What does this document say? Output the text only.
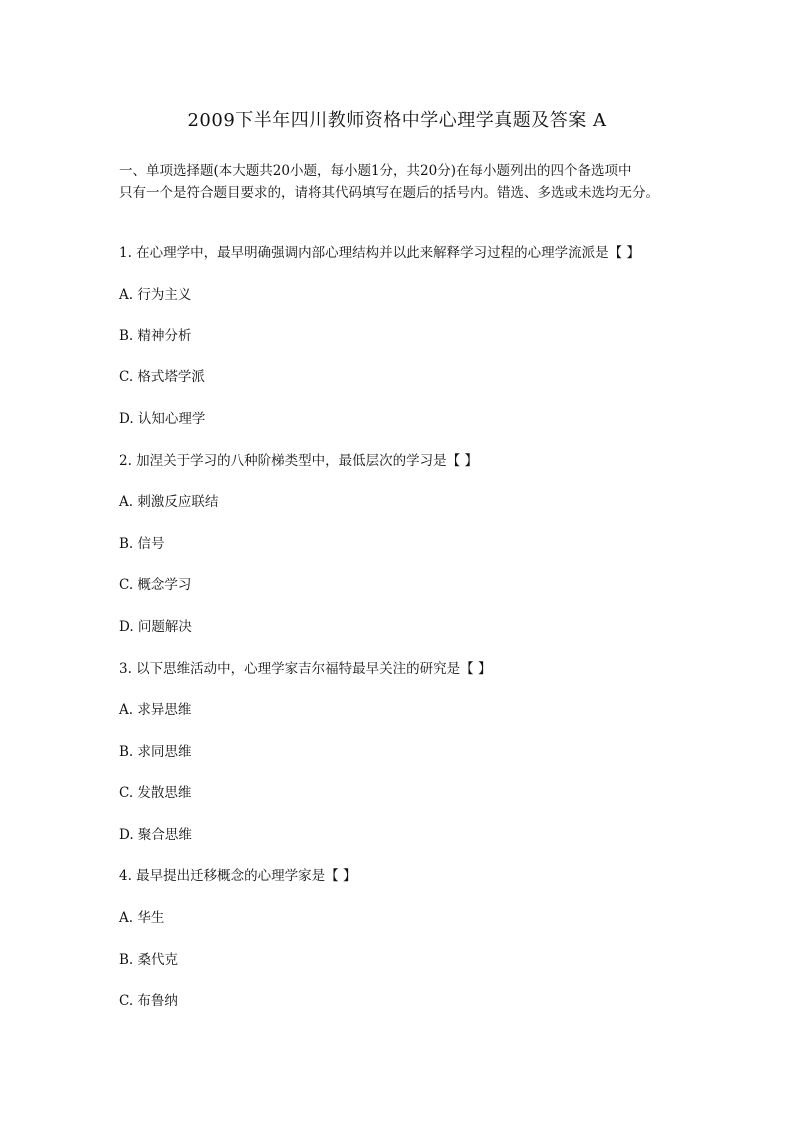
2009下半年四川教师资格中学心理学真题及答案 A
一、单项选择题(本大题共20小题，每小题1分，共20分)在每小题列出的四个备选项中
只有一个是符合题目要求的，请将其代码填写在题后的括号内。错选、多选或未选均无分。
1. 在心理学中，最早明确强调内部心理结构并以此来解释学习过程的心理学流派是【 】
A. 行为主义
B. 精神分析
C. 格式塔学派
D. 认知心理学
2. 加涅关于学习的八种阶梯类型中，最低层次的学习是【 】
A. 刺激反应联结
B. 信号
C. 概念学习
D. 问题解决
3. 以下思维活动中，心理学家吉尔福特最早关注的研究是【 】
A. 求异思维
B. 求同思维
C. 发散思维
D. 聚合思维
4. 最早提出迁移概念的心理学家是【 】
A. 华生
B. 桑代克
C. 布鲁纳
